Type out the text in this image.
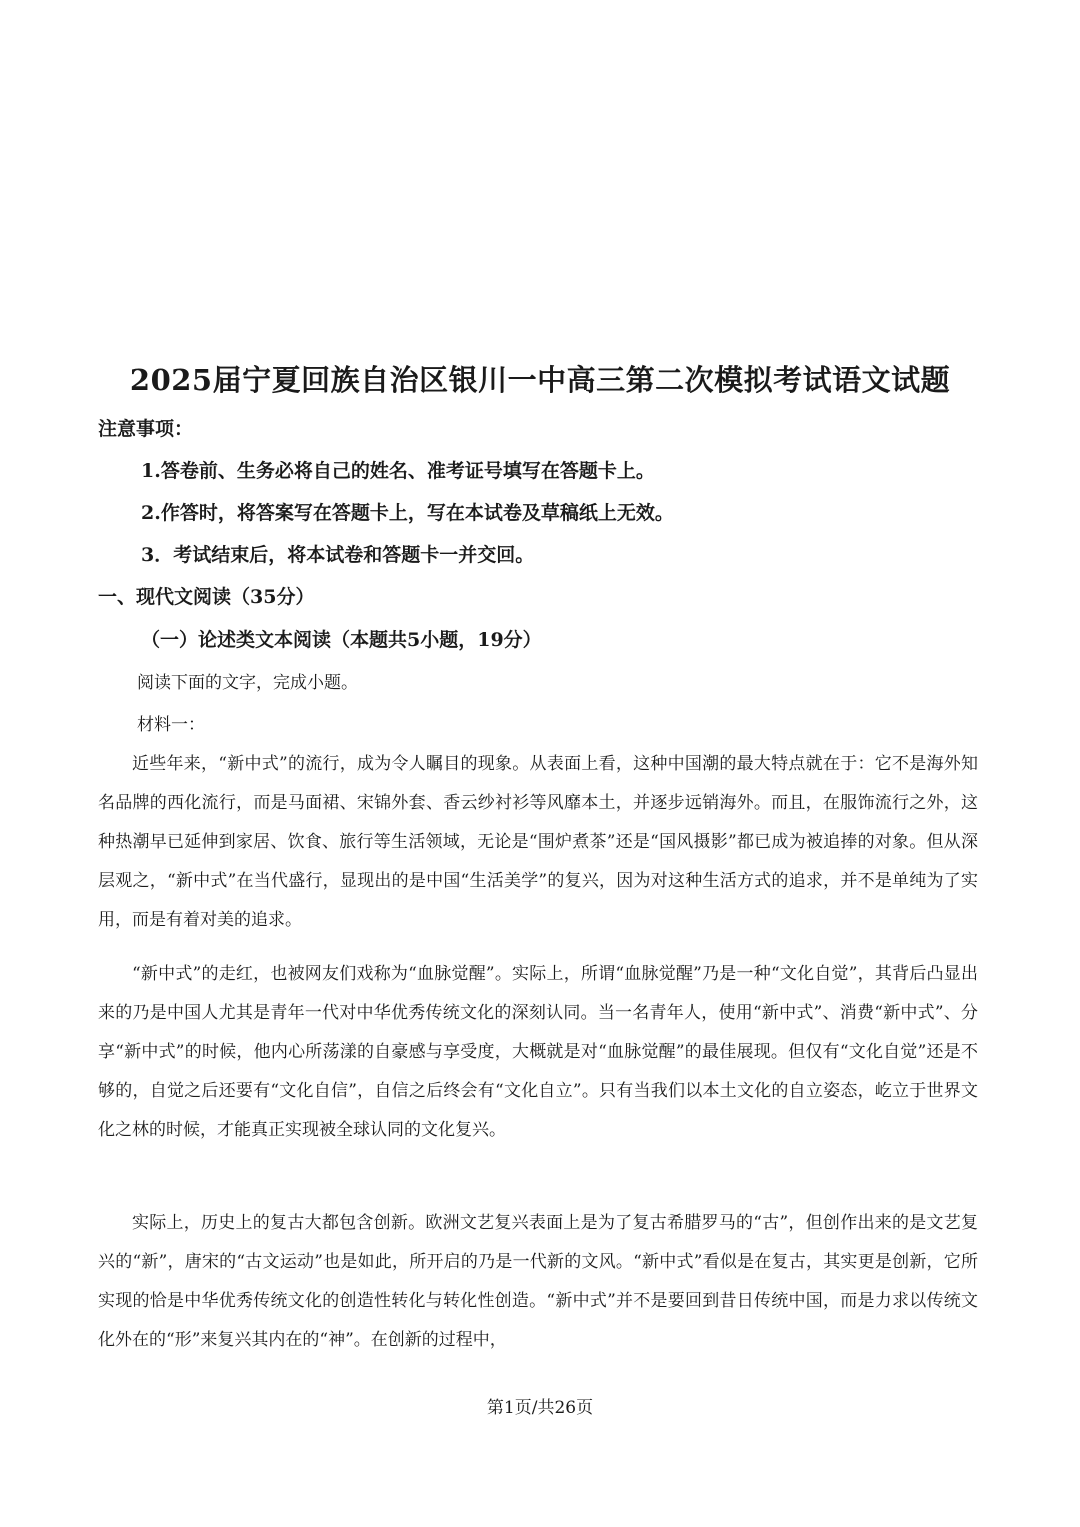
2025届宁夏回族自治区银川一中高三第二次模拟考试语文试题
注意事项：
1.答卷前、生务必将自己的姓名、准考证号填写在答题卡上。
2.作答时，将答案写在答题卡上，写在本试卷及草稿纸上无效。
3．考试结束后，将本试卷和答题卡一并交回。
一、现代文阅读（35分）
（一）论述类文本阅读（本题共5小题，19分）
阅读下面的文字，完成小题。
材料一：

近些年来，“新中式”的流行，成为令人瞩目的现象。从表面上看，这种中国潮的最大特点就在于：它不是海外知名品牌的西化流行，而是马面裙、宋锦外套、香云纱衬衫等风靡本土，并逐步远销海外。而且，在服饰流行之外，这种热潮早已延伸到家居、饮食、旅行等生活领域，无论是“围炉煮茶”还是“国风摄影”都已成为被追捧的对象。但从深层观之，“新中式”在当代盛行，显现出的是中国“生活美学”的复兴，因为对这种生活方式的追求，并不是单纯为了实用，而是有着对美的追求。

“新中式”的走红，也被网友们戏称为“血脉觉醒”。实际上，所谓“血脉觉醒”乃是一种“文化自觉”，其背后凸显出来的乃是中国人尤其是青年一代对中华优秀传统文化的深刻认同。当一名青年人，使用“新中式”、消费“新中式”、分享“新中式”的时候，他内心所荡漾的自豪感与享受度，大概就是对“血脉觉醒”的最佳展现。但仅有“文化自觉”还是不够的，自觉之后还要有“文化自信”，自信之后终会有“文化自立”。只有当我们以本土文化的自立姿态，屹立于世界文化之林的时候，才能真正实现被全球认同的文化复兴。

实际上，历史上的复古大都包含创新。欧洲文艺复兴表面上是为了复古希腊罗马的“古”，但创作出来的是文艺复兴的“新”，唐宋的“古文运动”也是如此，所开启的乃是一代新的文风。“新中式”看似是在复古，其实更是创新，它所实现的恰是中华优秀传统文化的创造性转化与转化性创造。“新中式”并不是要回到昔日传统中国，而是力求以传统文化外在的“形”来复兴其内在的“神”。在创新的过程中，

第1页/共26页
